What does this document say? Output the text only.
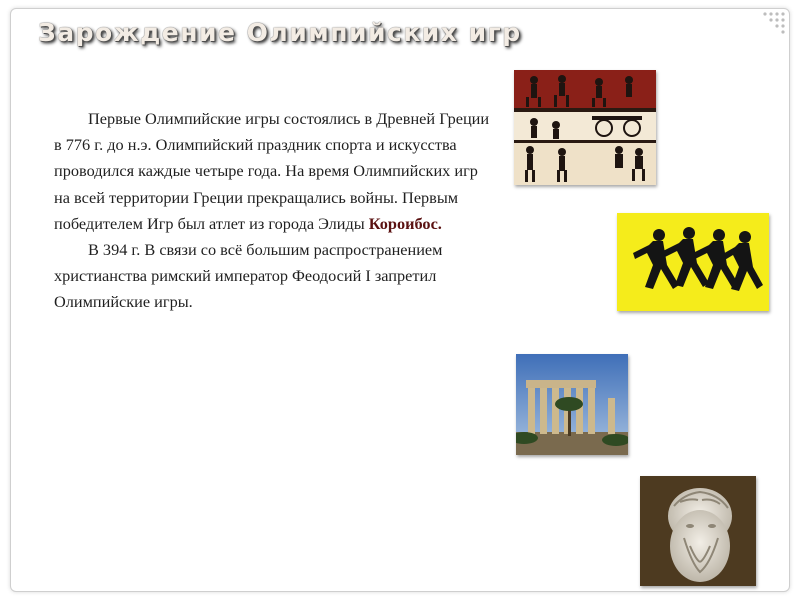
Зарождение Олимпийских игр

Первые Олимпийские игры состоялись в Древней Греции в 776 г. до н.э. Олимпийский праздник спорта и искусства проводился каждые четыре года. На время Олимпийских игр на всей территории Греции прекращались войны. Первым победителем Игр был атлет из города Элиды Короибос.

В 394 г. В связи со всё большим распространением христианства римский император Феодосий I запретил Олимпийские игры.
